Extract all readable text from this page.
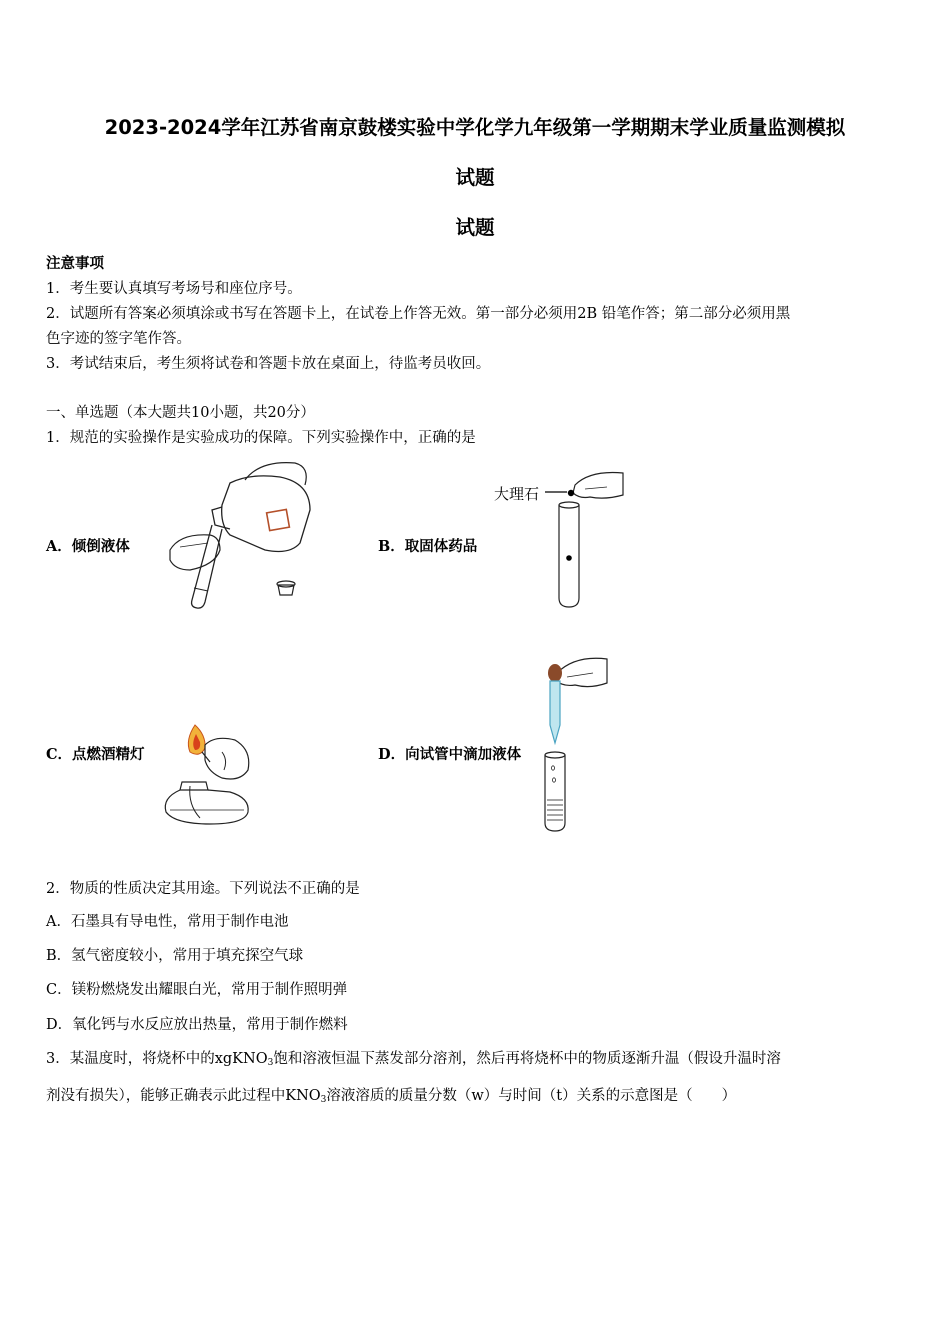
2023-2024学年江苏省南京鼓楼实验中学化学九年级第一学期期末学业质量监测模拟
试题
试题
注意事项
1．考生要认真填写考场号和座位序号。
2．试题所有答案必须填涂或书写在答题卡上，在试卷上作答无效。第一部分必须用2B 铅笔作答；第二部分必须用黑
色字迹的签字笔作答。
3．考试结束后，考生须将试卷和答题卡放在桌面上，待监考员收回。
一、单选题（本大题共10小题，共20分）
1．规范的实验操作是实验成功的保障。下列实验操作中，正确的是
A．倾倒液体	B．取固体药品
大理石
C．点燃酒精灯	D．向试管中滴加液体
2．物质的性质决定其用途。下列说法不正确的是
A．石墨具有导电性，常用于制作电池
B．氢气密度较小，常用于填充探空气球
C．镁粉燃烧发出耀眼白光，常用于制作照明弹
D．氧化钙与水反应放出热量，常用于制作燃料
3．某温度时，将烧杯中的xgKNO$_3$饱和溶液恒温下蒸发部分溶剂，然后再将烧杯中的物质逐渐升温（假设升温时溶
剂没有损失），能够正确表示此过程中$KNO_3$溶液溶质的质量分数（w）与时间（t）关系的示意图是（　　）
